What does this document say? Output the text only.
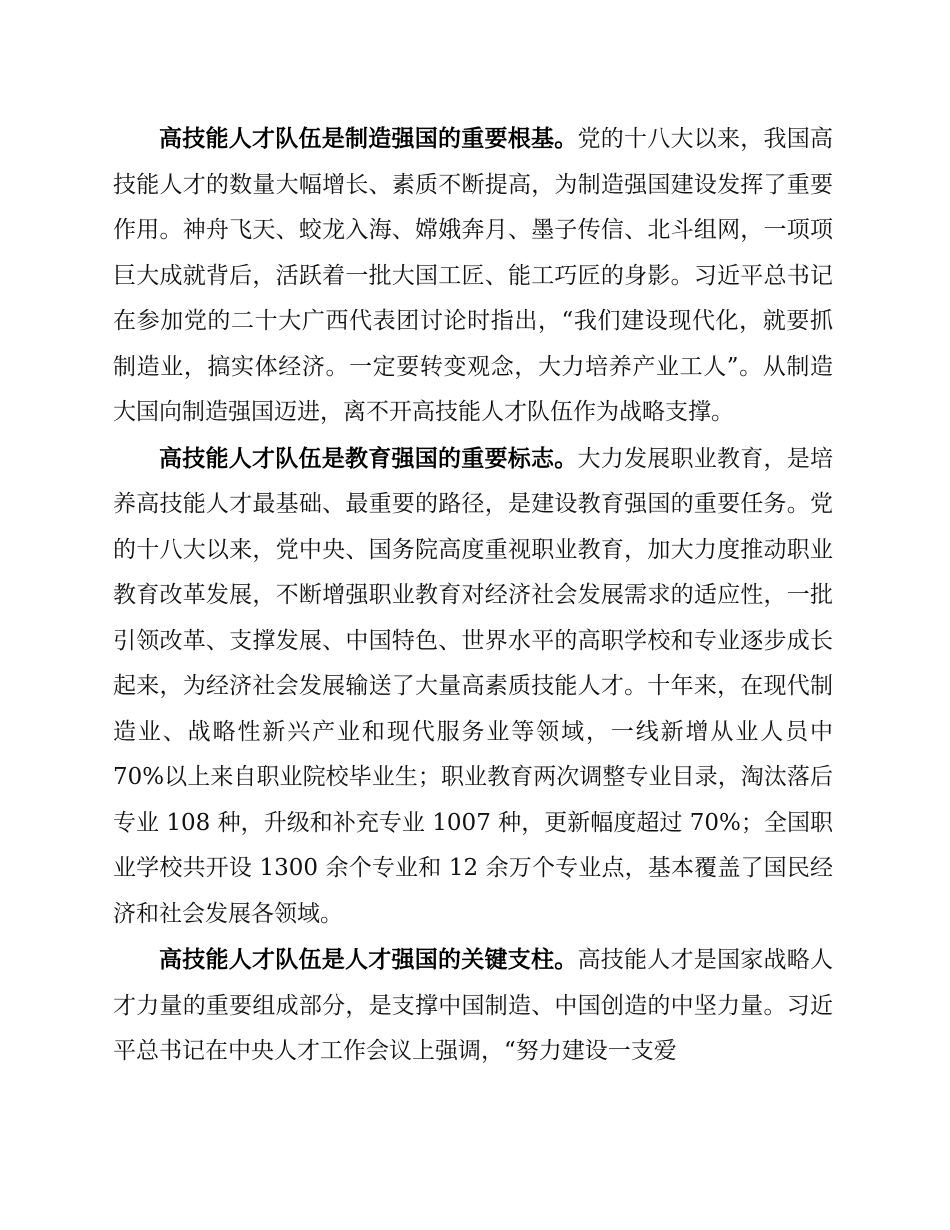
高技能人才队伍是制造强国的重要根基。党的十八大以来，我国高技能人才的数量大幅增长、素质不断提高，为制造强国建设发挥了重要作用。神舟飞天、蛟龙入海、嫦娥奔月、墨子传信、北斗组网，一项项巨大成就背后，活跃着一批大国工匠、能工巧匠的身影。习近平总书记在参加党的二十大广西代表团讨论时指出，“我们建设现代化，就要抓制造业，搞实体经济。一定要转变观念，大力培养产业工人”。从制造大国向制造强国迈进，离不开高技能人才队伍作为战略支撑。

高技能人才队伍是教育强国的重要标志。大力发展职业教育，是培养高技能人才最基础、最重要的路径，是建设教育强国的重要任务。党的十八大以来，党中央、国务院高度重视职业教育，加大力度推动职业教育改革发展，不断增强职业教育对经济社会发展需求的适应性，一批引领改革、支撑发展、中国特色、世界水平的高职学校和专业逐步成长起来，为经济社会发展输送了大量高素质技能人才。十年来，在现代制造业、战略性新兴产业和现代服务业等领域，一线新增从业人员中 70%以上来自职业院校毕业生；职业教育两次调整专业目录，淘汰落后专业 108 种，升级和补充专业 1007 种，更新幅度超过 70%；全国职业学校共开设 1300 余个专业和 12 余万个专业点，基本覆盖了国民经济和社会发展各领域。

高技能人才队伍是人才强国的关键支柱。高技能人才是国家战略人才力量的重要组成部分，是支撑中国制造、中国创造的中坚力量。习近平总书记在中央人才工作会议上强调，“努力建设一支爱
